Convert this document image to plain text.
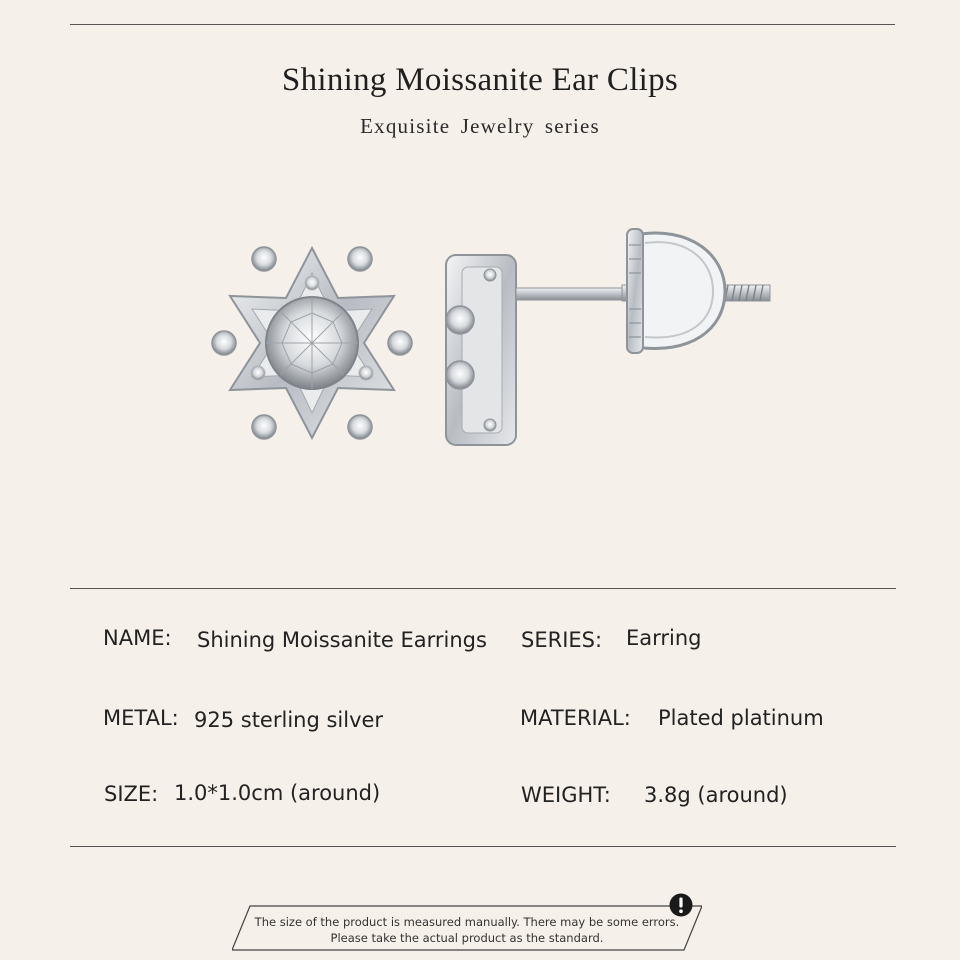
Shining Moissanite Ear Clips
Exquisite Jewelry series
NAME: Shining Moissanite Earrings SERIES: Earring
METAL: 925 sterling silver	MATERIAL: Plated platinum
SIZE: 1.0*1.0cm (around)	WEIGHT: 3.8g (around)
The size of the product is measured manually. There may be some errors.
Please take the actual product as the standard.
